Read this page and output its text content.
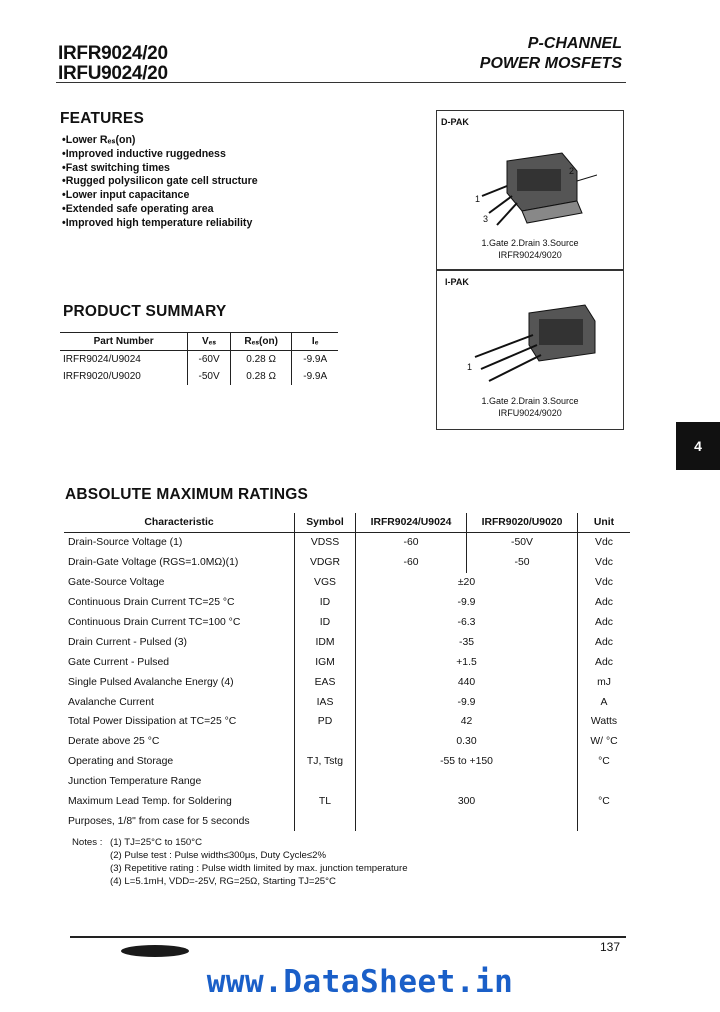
IRFR9024/20
IRFU9024/20
P-CHANNEL
POWER MOSFETS
FEATURES
• Lower Rₑₛ(on)
• Improved inductive ruggedness
• Fast switching times
• Rugged polysilicon gate cell structure
• Lower input capacitance
• Extended safe operating area
• Improved high temperature reliability
D-PAK
2
1
3
1.Gate 2.Drain 3.Source
IRFR9024/9020
I-PAK
1
1.Gate 2.Drain 3.Source
IRFU9024/9020
PRODUCT SUMMARY
Part Number	Vₑₛ	Rₑₛ(on)	Iₑ
IRFR9024/U9024	-60V	0.28 Ω	-9.9A
IRFR9020/U9020	-50V	0.28 Ω	-9.9A
4
ABSOLUTE MAXIMUM RATINGS
Characteristic	Symbol	IRFR9024/U9024	IRFR9020/U9020	Unit
Drain-Source Voltage (1)	VDSS	-60	-50V	Vdc
Drain-Gate Voltage (RGS=1.0MΩ)(1)	VDGR	-60	-50	Vdc
Gate-Source Voltage	VGS	±20		Vdc
Continuous Drain Current TC=25 °C	ID	-9.9		Adc
Continuous Drain Current TC=100 °C	ID	-6.3		Adc
Drain Current - Pulsed (3)	IDM	-35		Adc
Gate Current - Pulsed	IGM	+1.5		Adc
Single Pulsed Avalanche Energy (4)	EAS	440		mJ
Avalanche Current	IAS	-9.9		A
Total Power Dissipation at TC=25 °C	PD	42		Watts
Derate above 25 °C		0.30		W/ °C
Operating and Storage	TJ, Tstg	-55 to +150		°C
Junction Temperature Range				
Maximum Lead Temp. for Soldering	TL	300		°C
Purposes, 1/8" from case for 5 seconds				
Notes : (1) TJ=25°C to 150°C
(2) Pulse test : Pulse width≤300μs, Duty Cycle≤2%
(3) Repetitive rating : Pulse width limited by max. junction temperature
(4) L=5.1mH, VDD=-25V, RG=25Ω, Starting TJ=25°C
137
www.DataSheet.in
